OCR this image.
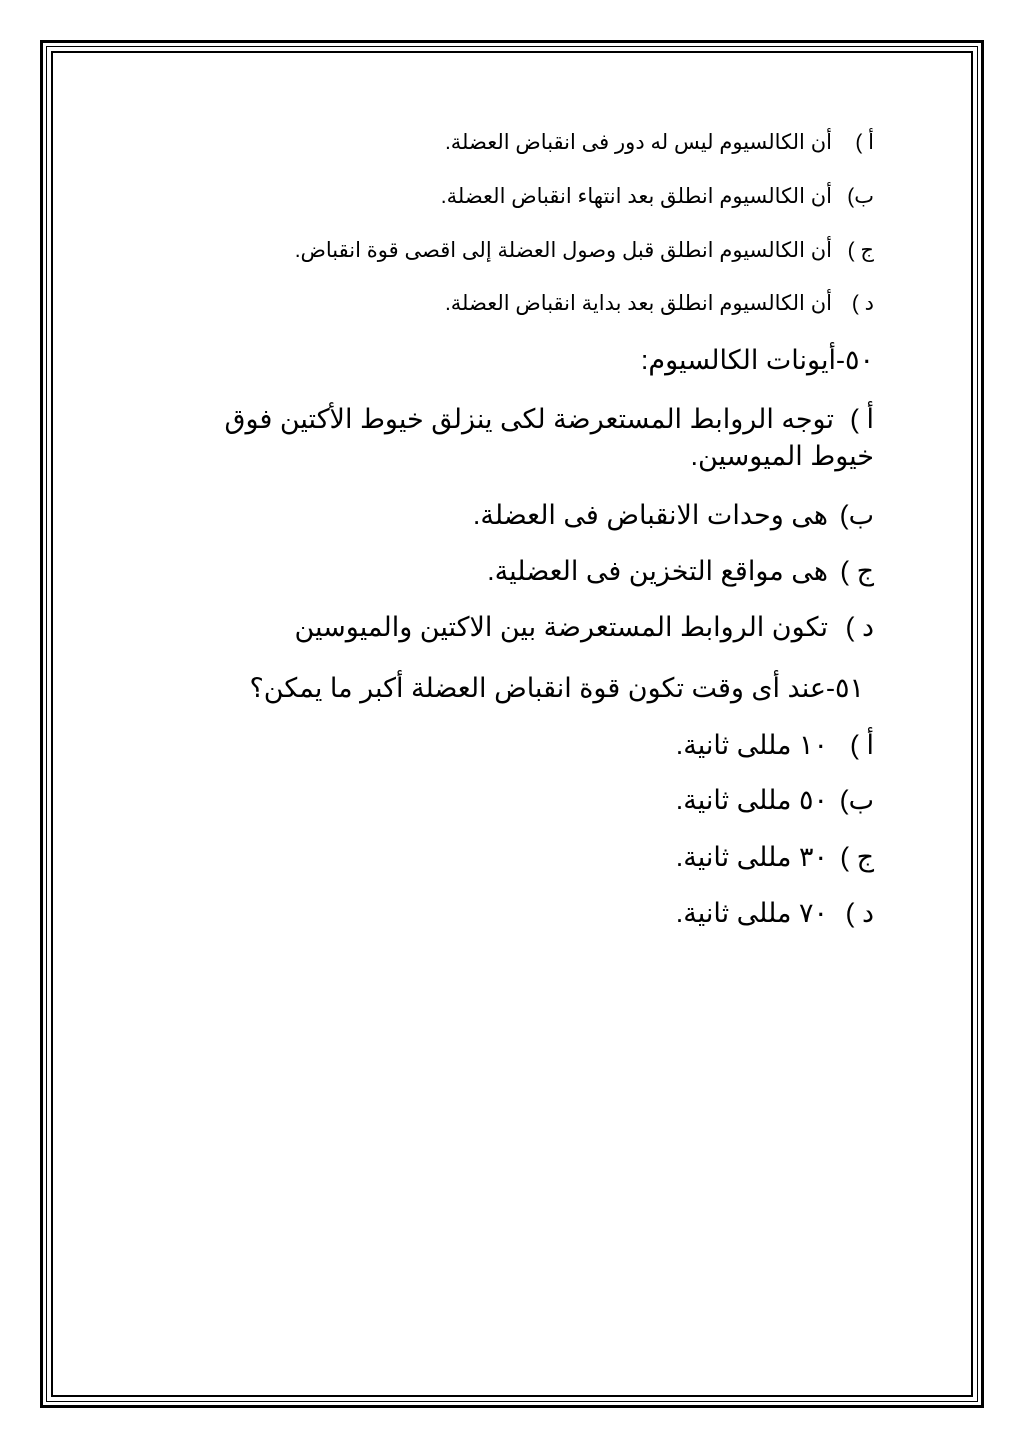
أ )
أن الكالسيوم ليس له دور فى انقباض العضلة.
ب)
أن الكالسيوم انطلق بعد انتهاء انقباض العضلة.
ج )
أن الكالسيوم انطلق قبل وصول العضلة إلى اقصى قوة انقباض.
د )
أن الكالسيوم انطلق بعد بداية انقباض العضلة.
٥٠-أيونات الكالسيوم:
أ )توجه الروابط المستعرضة لكى ينزلق خيوط الأكتين فوق خيوط الميوسين.
ب)
هى وحدات الانقباض فى العضلة.
ج )
هى مواقع التخزين فى العضلية.
د )
تكون الروابط المستعرضة بين الاكتين والميوسين
٥١-عند أى وقت تكون قوة انقباض العضلة أكبر ما يمكن؟
أ )
١٠ مللى ثانية.
ب)
٥٠ مللى ثانية.
ج )
٣٠ مللى ثانية.
د )
٧٠ مللى ثانية.
